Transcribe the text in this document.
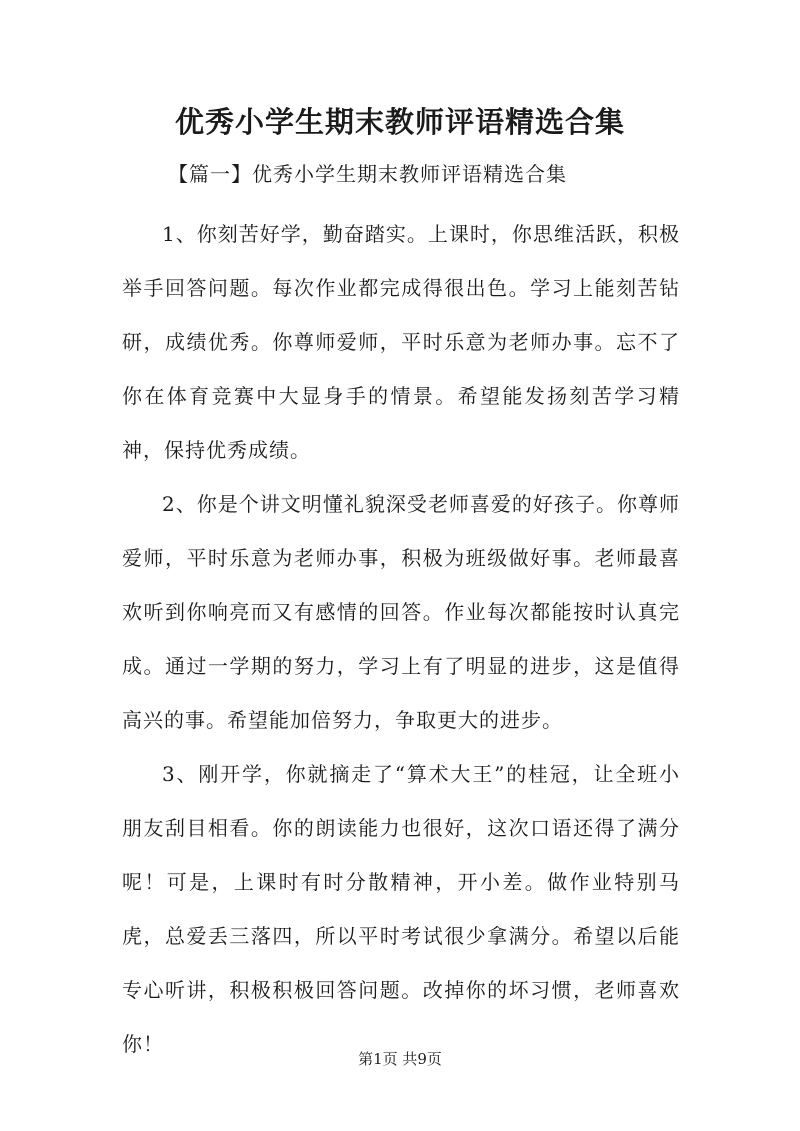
优秀小学生期末教师评语精选合集
【篇一】优秀小学生期末教师评语精选合集

1、你刻苦好学，勤奋踏实。上课时，你思维活跃，积极举手回答问题。每次作业都完成得很出色。学习上能刻苦钻研，成绩优秀。你尊师爱师，平时乐意为老师办事。忘不了你在体育竞赛中大显身手的情景。希望能发扬刻苦学习精神，保持优秀成绩。

2、你是个讲文明懂礼貌深受老师喜爱的好孩子。你尊师爱师，平时乐意为老师办事，积极为班级做好事。老师最喜欢听到你响亮而又有感情的回答。作业每次都能按时认真完成。通过一学期的努力，学习上有了明显的进步，这是值得高兴的事。希望能加倍努力，争取更大的进步。

3、刚开学，你就摘走了“算术大王”的桂冠，让全班小朋友刮目相看。你的朗读能力也很好，这次口语还得了满分呢！可是，上课时有时分散精神，开小差。做作业特别马虎，总爱丢三落四，所以平时考试很少拿满分。希望以后能专心听讲，积极积极回答问题。改掉你的坏习惯，老师喜欢你！

第1页 共9页
